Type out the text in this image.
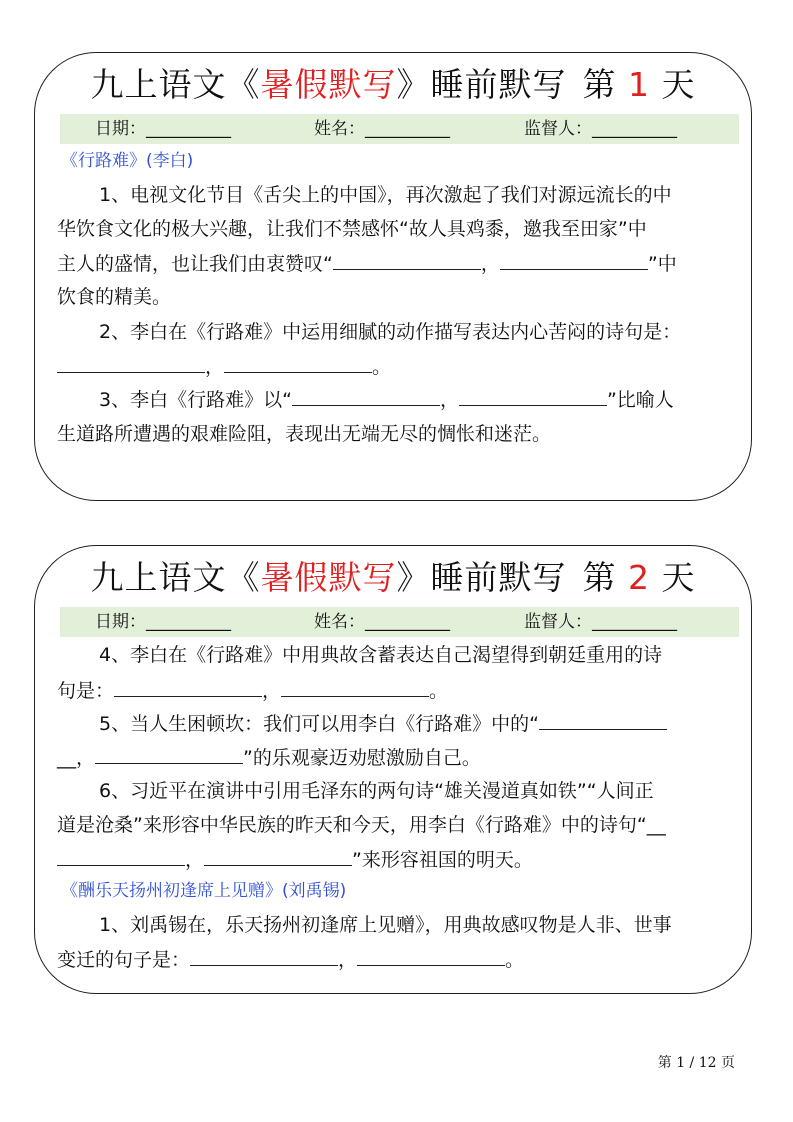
九上语文《暑假默写》睡前默写 第 1 天
日期：__________	姓名：__________	监督人：__________
《行路难》(李白)
1、电视文化节目《舌尖上的中国》，再次激起了我们对源远流长的中
华饮食文化的极大兴趣，让我们不禁感怀“故人具鸡黍，邀我至田家”中
主人的盛情，也让我们由衷赞叹“	，	”中
饮食的精美。
2、李白在《行路难》中运用细腻的动作描写表达内心苦闷的诗句是：
，	。
3、李白《行路难》以“	，	”比喻人
生道路所遭遇的艰难险阻，表现出无端无尽的惆怅和迷茫。
九上语文《暑假默写》睡前默写 第 2 天
日期：__________	姓名：__________	监督人：__________
4、李白在《行路难》中用典故含蓄表达自己渴望得到朝廷重用的诗
句是：	，	。
5、当人生困顿坎：我们可以用李白《行路难》中的“
__，	”的乐观豪迈劝慰激励自己。
6、习近平在演讲中引用毛泽东的两句诗“雄关漫道真如铁”“人间正
道是沧桑”来形容中华民族的昨天和今天，用李白《行路难》中的诗句“__
，	”来形容祖国的明天。
《酬乐天扬州初逢席上见赠》(刘禹锡)
1、刘禹锡在，乐天扬州初逢席上见赠》，用典故感叹物是人非、世事
变迁的句子是：	，	。
第 1 / 12 页
